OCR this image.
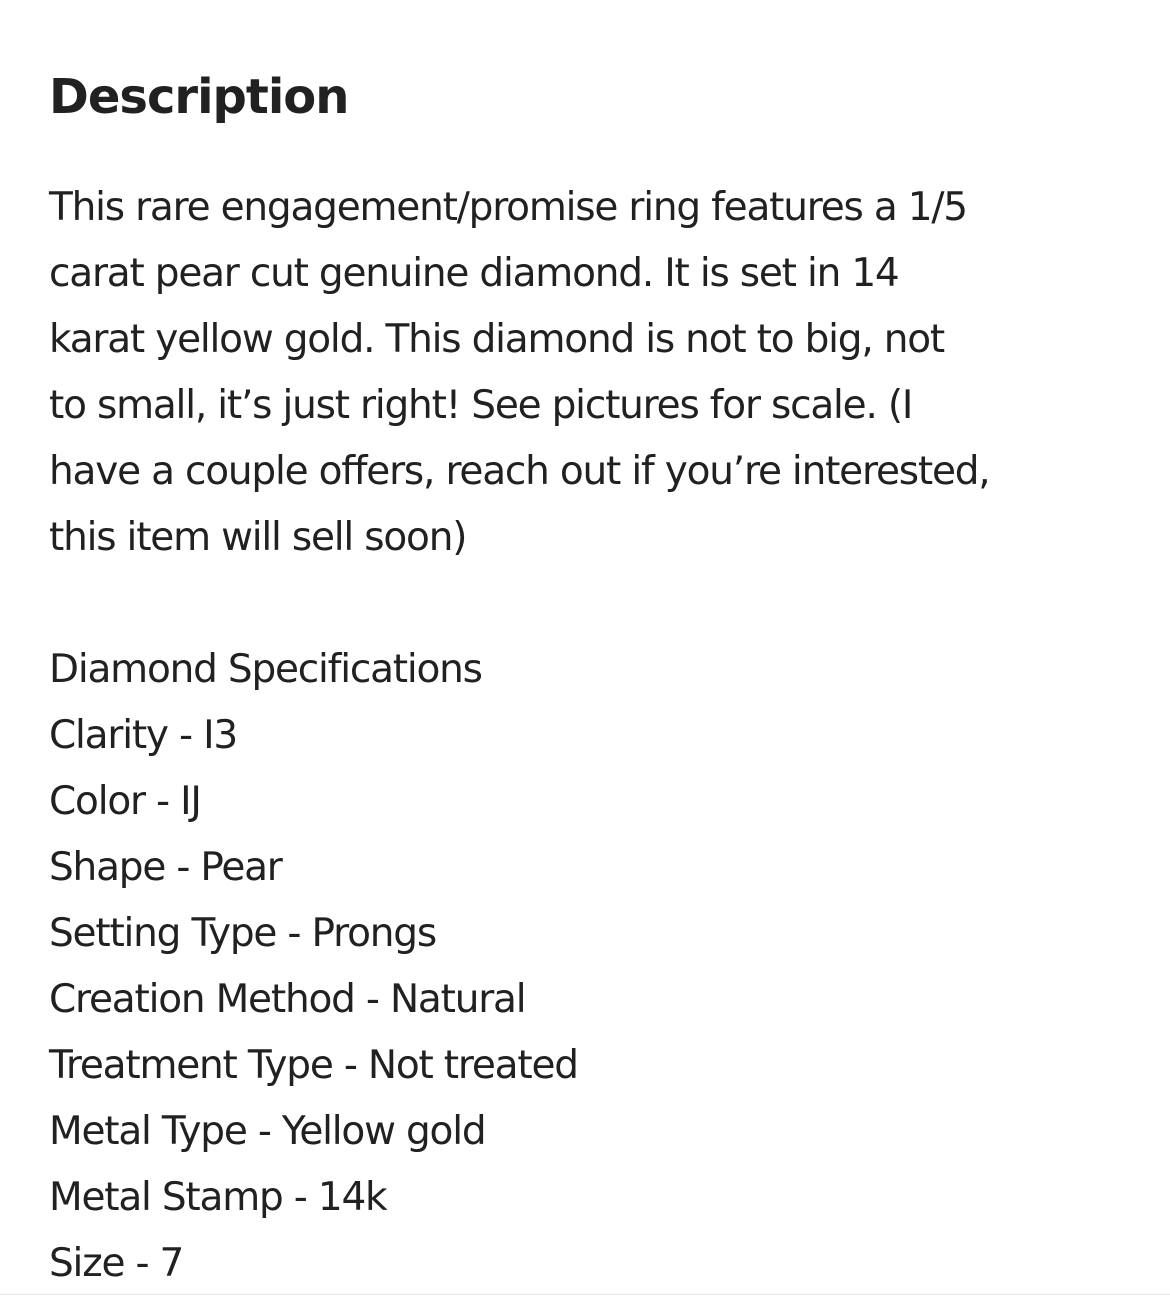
Description
This rare engagement/promise ring features a 1/5
carat pear cut genuine diamond. It is set in 14
karat yellow gold. This diamond is not to big, not
to small, it’s just right! See pictures for scale. (I
have a couple offers, reach out if you’re interested,
this item will sell soon)
Diamond Specifications
Clarity - I3
Color - IJ
Shape - Pear
Setting Type - Prongs
Creation Method - Natural
Treatment Type - Not treated
Metal Type - Yellow gold
Metal Stamp - 14k
Size - 7
